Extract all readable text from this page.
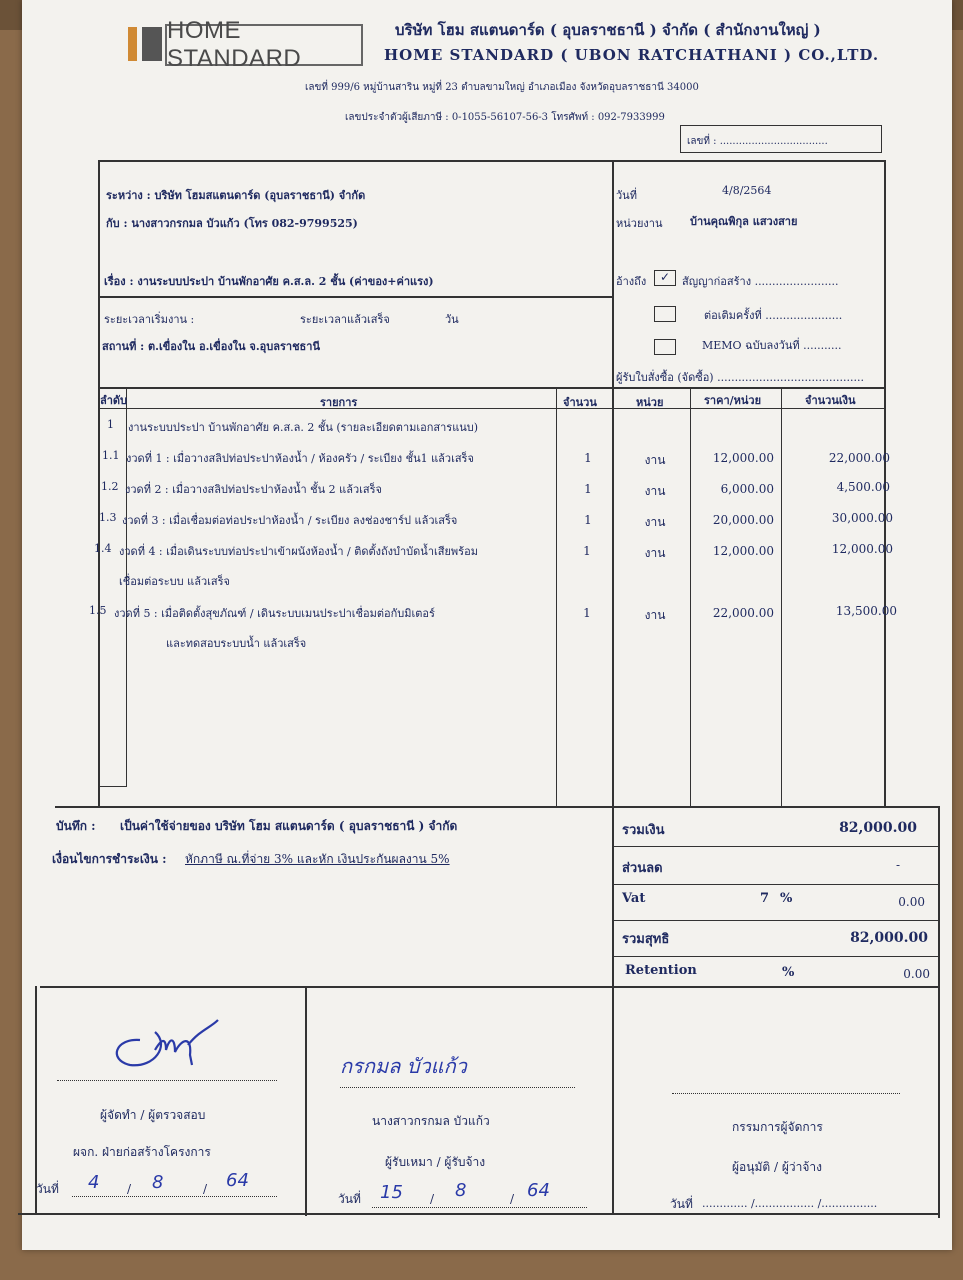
HOME STANDARD
บริษัท โฮม สแตนดาร์ด ( อุบลราชธานี ) จำกัด ( สำนักงานใหญ่ )
HOME STANDARD ( UBON RATCHATHANI ) CO.,LTD.
เลขที่ 999/6 หมู่บ้านสาริน หมู่ที่ 23 ตำบลขามใหญ่ อำเภอเมือง จังหวัดอุบลราชธานี 34000
เลขประจำตัวผู้เสียภาษี : 0-1055-56107-56-3 โทรศัพท์ : 092-7933999
เลขที่ : ..................................
ระหว่าง : บริษัท โฮมสแตนดาร์ด (อุบลราชธานี) จำกัด
กับ : นางสาวกรกมล บัวแก้ว (โทร 082-9799525)
เรื่อง : งานระบบประปา บ้านพักอาศัย ค.ส.ล. 2 ชั้น (ค่าของ+ค่าแรง)
ระยะเวลาเริ่มงาน :	ระยะเวลาแล้วเสร็จ	วัน
สถานที่ : ต.เขื่องใน อ.เขื่องใน จ.อุบลราชธานี
วันที่	4/8/2564
หน่วยงาน	บ้านคุณพิกุล แสวงสาย
อ้างถึง	✓	สัญญาก่อสร้าง ........................
ต่อเติมครั้งที่ ......................
MEMO ฉบับลงวันที่ ...........
ผู้รับใบสั่งซื้อ (จัดซื้อ) ..........................................
ลำดับ	รายการ	จำนวน	หน่วย	ราคา/หน่วย	จำนวนเงิน
1 งานระบบประปา บ้านพักอาศัย ค.ส.ล. 2 ชั้น (รายละเอียดตามเอกสารแนบ)
1.1 งวดที่ 1 : เมื่อวางสลิปท่อประปาห้องน้ำ / ห้องครัว / ระเบียง ชั้น1 แล้วเสร็จ	1	งาน	12,000.00	22,000.00
1.2 งวดที่ 2 : เมื่อวางสลิปท่อประปาห้องน้ำ ชั้น 2 แล้วเสร็จ	1	งาน	6,000.00	4,500.00
1.3 งวดที่ 3 : เมื่อเชื่อมต่อท่อประปาห้องน้ำ / ระเบียง ลงช่องชาร์ป แล้วเสร็จ	1	งาน	20,000.00	30,000.00
1.4 งวดที่ 4 : เมื่อเดินระบบท่อประปาเข้าผนังห้องน้ำ / ติดตั้งถังบำบัดน้ำเสียพร้อม
เชื่อมต่อระบบ แล้วเสร็จ
1	งาน	12,000.00	12,000.00
1.5 งวดที่ 5 : เมื่อติดตั้งสุขภัณฑ์ / เดินระบบเมนประปาเชื่อมต่อกับมิเตอร์
และทดสอบระบบน้ำ แล้วเสร็จ
1	งาน	22,000.00	13,500.00
บันทึก : เป็นค่าใช้จ่ายของ บริษัท โฮม สแตนดาร์ด ( อุบลราชธานี ) จำกัด
เงื่อนไขการชำระเงิน : หักภาษี ณ.ที่จ่าย 3% และหัก เงินประกันผลงาน 5%
รวมเงิน	82,000.00
ส่วนลด	-
Vat	7 %	0.00
รวมสุทธิ	82,000.00
Retention	%	0.00
ผู้จัดทำ / ผู้ตรวจสอบ
ผจก. ฝ่ายก่อสร้างโครงการ
วันที่ 4 / 8	/ 64
กรกมล บัวแก้ว
นางสาวกรกมล บัวแก้ว
ผู้รับเหมา / ผู้รับจ้าง
วันที่ 15 / 8	/ 64
กรรมการผู้จัดการ
ผู้อนุมัติ / ผู้ว่าจ้าง
วันที่ ............. /................. /................
